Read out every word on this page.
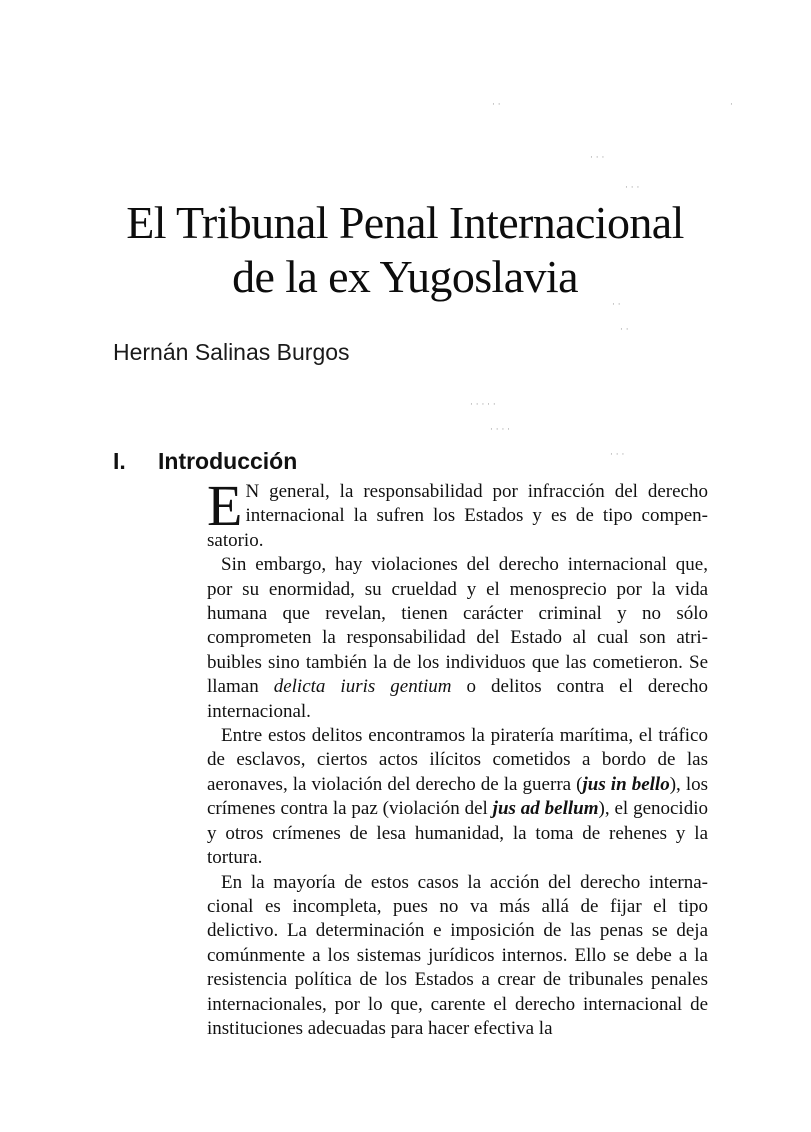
El Tribunal Penal Internacional
de la ex Yugoslavia
Hernán Salinas Burgos
I. Introducción

E N general, la responsabilidad por infracción del derecho internacional la sufren los Estados y es de tipo compensatorio.

Sin embargo, hay violaciones del derecho internacional que, por su enormidad, su crueldad y el menosprecio por la vida humana que revelan, tienen carácter criminal y no sólo comprometen la responsabilidad del Estado al cual son atribuibles sino también la de los individuos que las cometieron. Se llaman delicta iuris gentium o delitos contra el derecho internacional.

Entre estos delitos encontramos la piratería marítima, el tráfico de esclavos, ciertos actos ilícitos cometidos a bordo de las aeronaves, la violación del derecho de la guerra (jus in bello), los crímenes contra la paz (violación del jus ad bellum), el genocidio y otros crímenes de lesa humanidad, la toma de rehenes y la tortura.

En la mayoría de estos casos la acción del derecho internacional es incompleta, pues no va más allá de fijar el tipo delictivo. La determinación e imposición de las penas se deja comúnmente a los sistemas jurídicos internos. Ello se debe a la resistencia política de los Estados a crear de tribunales penales internacionales, por lo que, carente el derecho internacional de instituciones adecuadas para hacer efectiva la

· ·
· · ·
· · ·
· ·
· ·
· · · · ·
· · · ·
· · ·
·
